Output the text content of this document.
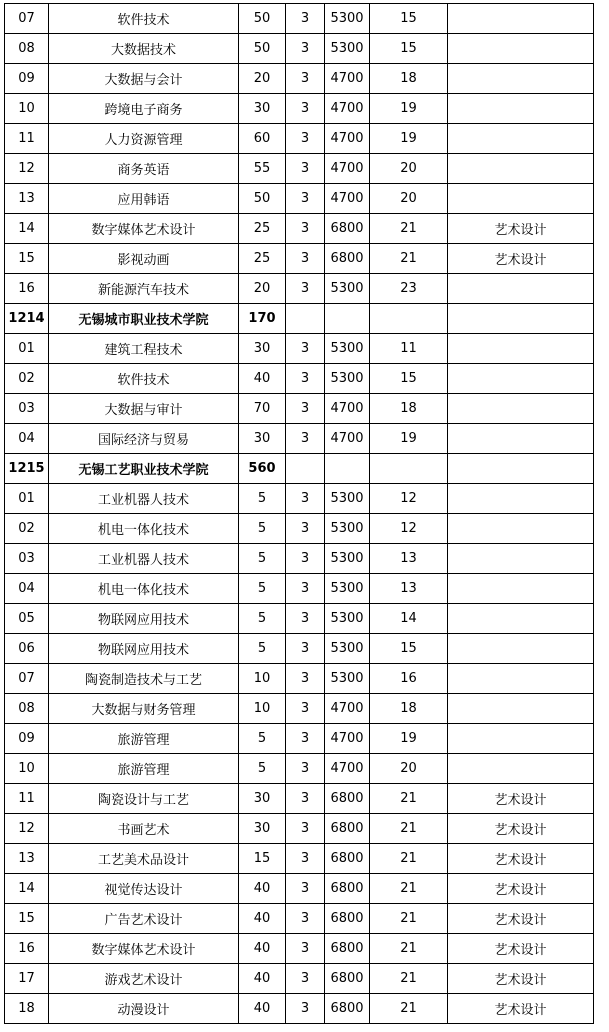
07	软件技术	50	3	5300	15	
08	大数据技术	50	3	5300	15	
09	大数据与会计	20	3	4700	18	
10	跨境电子商务	30	3	4700	19	
11	人力资源管理	60	3	4700	19	
12	商务英语	55	3	4700	20	
13	应用韩语	50	3	4700	20	
14	数字媒体艺术设计	25	3	6800	21	艺术设计
15	影视动画	25	3	6800	21	艺术设计
16	新能源汽车技术	20	3	5300	23	
1214	无锡城市职业技术学院	170				
01	建筑工程技术	30	3	5300	11	
02	软件技术	40	3	5300	15	
03	大数据与审计	70	3	4700	18	
04	国际经济与贸易	30	3	4700	19	
1215	无锡工艺职业技术学院	560				
01	工业机器人技术	5	3	5300	12	
02	机电一体化技术	5	3	5300	12	
03	工业机器人技术	5	3	5300	13	
04	机电一体化技术	5	3	5300	13	
05	物联网应用技术	5	3	5300	14	
06	物联网应用技术	5	3	5300	15	
07	陶瓷制造技术与工艺	10	3	5300	16	
08	大数据与财务管理	10	3	4700	18	
09	旅游管理	5	3	4700	19	
10	旅游管理	5	3	4700	20	
11	陶瓷设计与工艺	30	3	6800	21	艺术设计
12	书画艺术	30	3	6800	21	艺术设计
13	工艺美术品设计	15	3	6800	21	艺术设计
14	视觉传达设计	40	3	6800	21	艺术设计
15	广告艺术设计	40	3	6800	21	艺术设计
16	数字媒体艺术设计	40	3	6800	21	艺术设计
17	游戏艺术设计	40	3	6800	21	艺术设计
18	动漫设计	40	3	6800	21	艺术设计
